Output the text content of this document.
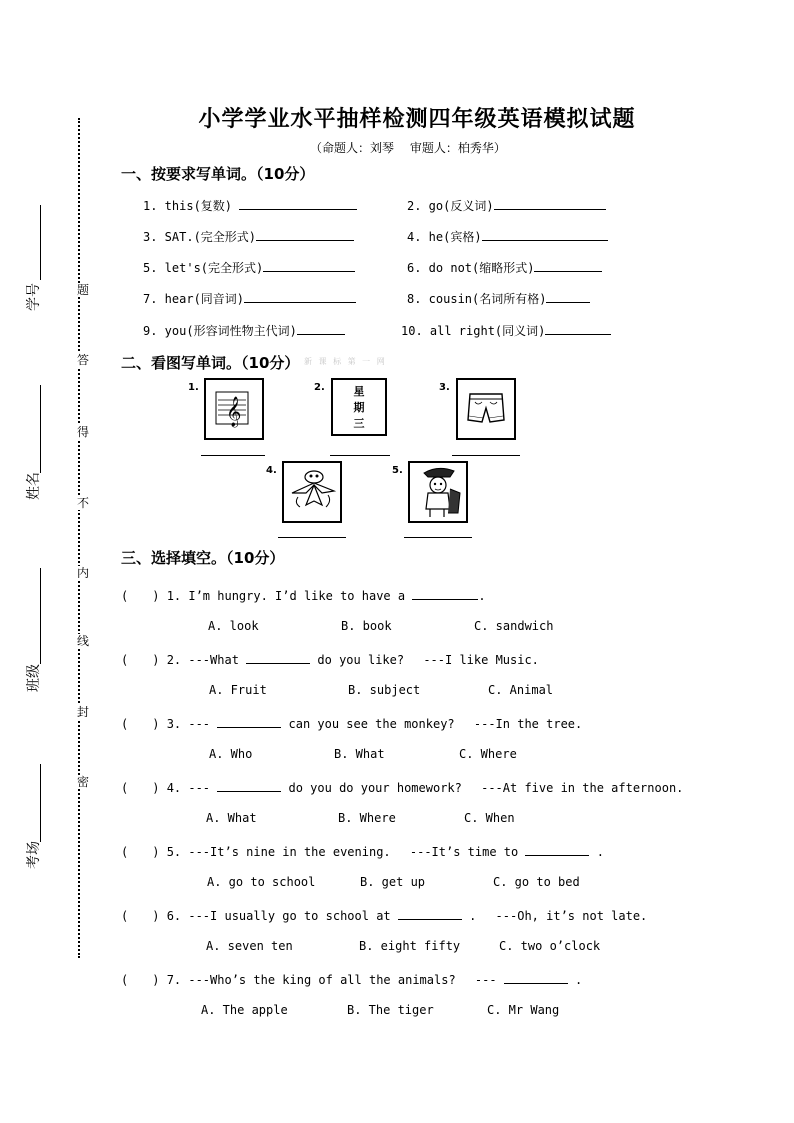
题
答
得
不
内
线
封
密
学号
姓名
班级
考场
小学学业水平抽样检测四年级英语模拟试题
（命题人：刘琴　 审题人：柏秀华）
一、按要求写单词。（10分）
1. this(复数)	2. go(反义词)
3. SAT.(完全形式)	4. he(宾格)
5. let's(完全形式)	6. do not(缩略形式)
7. hear(同音词)	8. cousin(名词所有格)
9. you(形容词性物主代词)	10. all right(同义词)
二、看图写单词。（10分） 新 课 标 第 一 网
1.
𝄞
2.	星
期
三
3.
4.	5.
三、选择填空。（10分）
(　　) 1. I’m hungry. I’d like to have a	.
A. look	B. book	C. sandwich
(　　) 2. ---What	do you like?　 ---I like Music.
A. Fruit	B. subject	C. Animal
(　　) 3. ---	can you see the monkey?　 ---In the tree.
A. Who	B. What	C. Where
(　　) 4. ---	do you do your homework?　 ---At five in the afternoon.
A. What	B. Where	C. When
(　　) 5. ---It’s nine in the evening.　 ---It’s time to	.
A. go to school	B. get up	C. go to bed
(　　) 6. ---I usually go to school at	.　 ---Oh, it’s not late.
A. seven ten	B. eight fifty	C. two o’clock
(　　) 7. ---Who’s the king of all the animals?　 ---	.
A. The apple	B. The tiger	C. Mr Wang
